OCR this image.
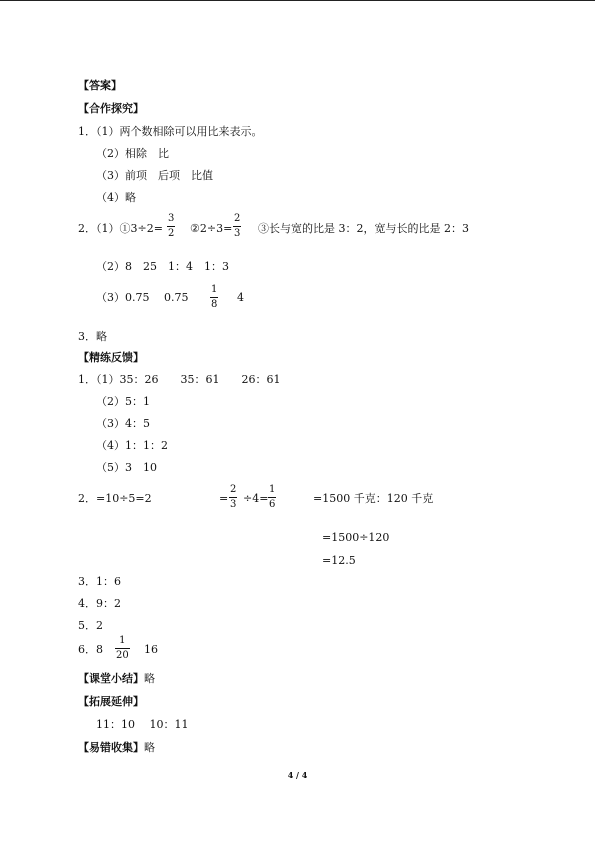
【答案】
【合作探究】
1．（1）两个数相除可以用比来表示。
（2）相除　比
（3）前项　后项　比值
（4）略
2．（1）①3÷2=
3
2 ②2÷3=
2
3 ③长与宽的比是 3：2，宽与长的比是 2：3
（2）8　25　1：4　1：3
（3）0.75　 0.75
1
8
4
3．略
【精练反馈】
1．（1）35：26　　35：61　　26：61
（2）5：1
（3）4：5
（4）1：1：2
（5）3　10
2．=10÷5=2	=
2
3 ÷4=
1
6	=1500 千克：120 千克
=1500÷120
=12.5
3．1：6
4．9：2
5．2
6．8
1
20 16
【课堂小结】略
【拓展延伸】
11：10　 10：11
【易错收集】略
4 / 4
